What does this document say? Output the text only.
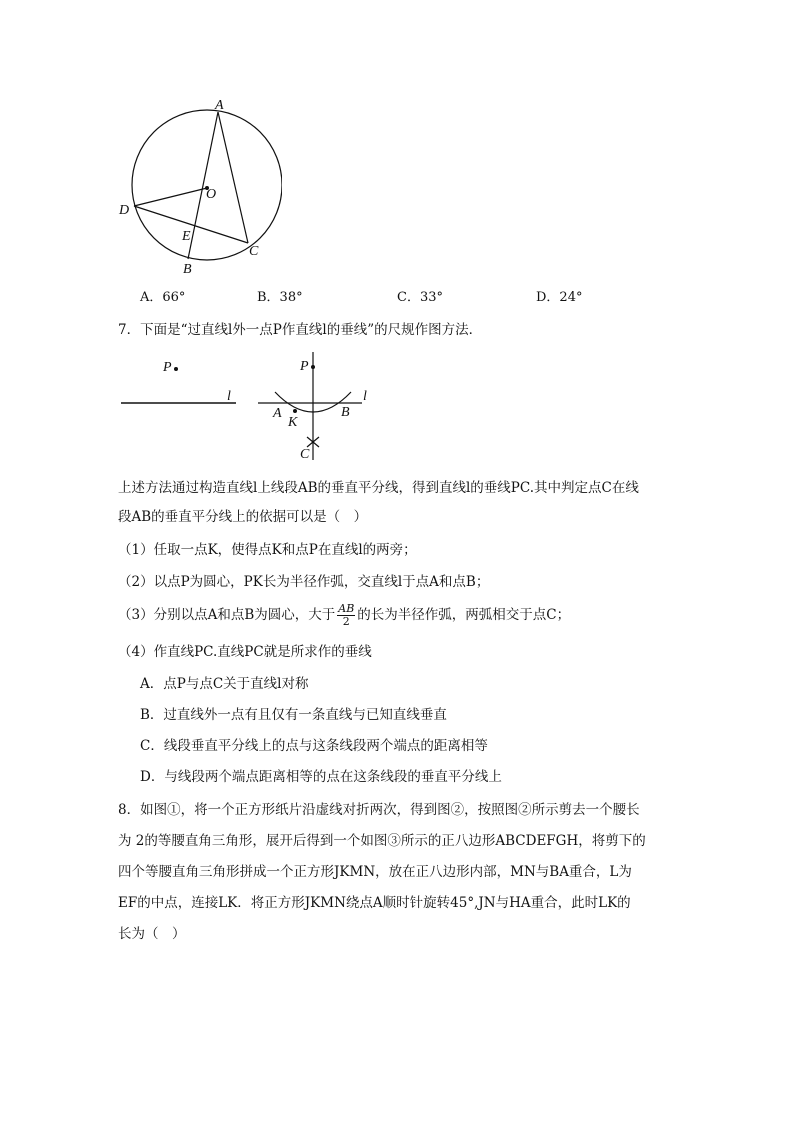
A
O
D
E
C
B
A．66°	B．38°	C．33°	D．24°
7．下面是“过直线l外一点P作直线l的垂线”的尺规作图方法．
P
l
P
l
A
K
B
C
上述方法通过构造直线l上线段AB的垂直平分线，得到直线l的垂线PC.其中判定点C在线
段AB的垂直平分线上的依据可以是（　）
（1）任取一点K，使得点K和点P在直线l的两旁；
（2）以点P为圆心，PK长为半径作弧，交直线l于点A和点B；
（3）分别以点A和点B为圆心，大于 $\frac{AB}{2}$ 的长为半径作弧，两弧相交于点C；
（4）作直线PC.直线PC就是所求作的垂线
A．点P与点C关于直线l对称
B．过直线外一点有且仅有一条直线与已知直线垂直
C．线段垂直平分线上的点与这条线段两个端点的距离相等
D．与线段两个端点距离相等的点在这条线段的垂直平分线上
8．如图①，将一个正方形纸片沿虚线对折两次，得到图②，按照图②所示剪去一个腰长
为 2的等腰直角三角形，展开后得到一个如图③所示的正八边形ABCDEFGH，将剪下的
四个等腰直角三角形拼成一个正方形JKMN，放在正八边形内部，MN与BA重合，L为
EF的中点，连接LK．将正方形JKMN绕点A顺时针旋转45°,JN与HA重合，此时LK的
长为（　）
